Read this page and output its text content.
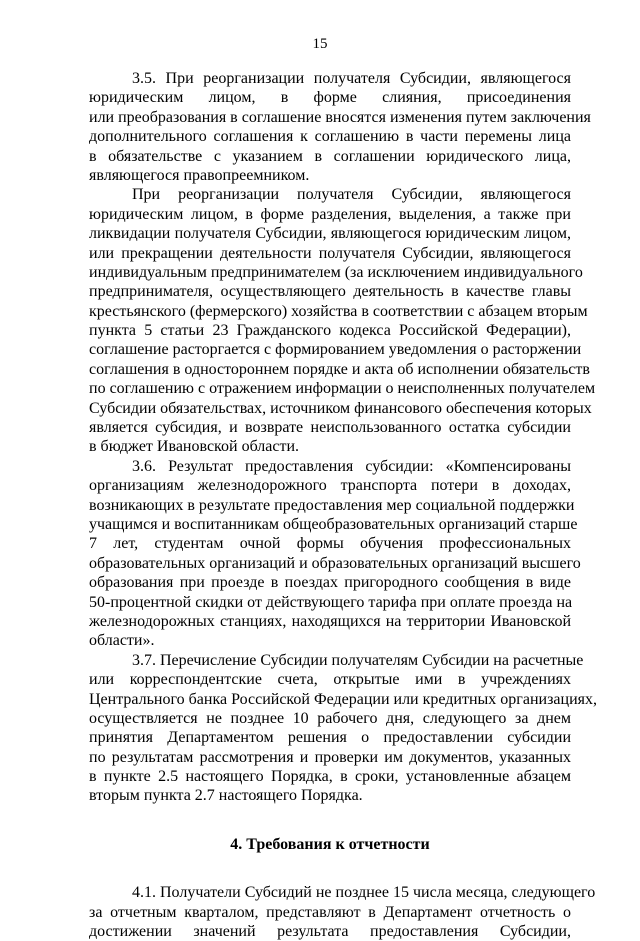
15
3.5. При реорганизации получателя Субсидии, являющегося
юридическим лицом, в форме слияния, присоединения
или преобразования в соглашение вносятся изменения путем заключения
дополнительного соглашения к соглашению в части перемены лица
в обязательстве с указанием в соглашении юридического лица,
являющегося правопреемником.
При реорганизации получателя Субсидии, являющегося
юридическим лицом, в форме разделения, выделения, а также при
ликвидации получателя Субсидии, являющегося юридическим лицом,
или прекращении деятельности получателя Субсидии, являющегося
индивидуальным предпринимателем (за исключением индивидуального
предпринимателя, осуществляющего деятельность в качестве главы
крестьянского (фермерского) хозяйства в соответствии с абзацем вторым
пункта 5 статьи 23 Гражданского кодекса Российской Федерации),
соглашение расторгается с формированием уведомления о расторжении
соглашения в одностороннем порядке и акта об исполнении обязательств
по соглашению с отражением информации о неисполненных получателем
Субсидии обязательствах, источником финансового обеспечения которых
является субсидия, и возврате неиспользованного остатка субсидии
в бюджет Ивановской области.
3.6. Результат предоставления субсидии: «Компенсированы
организациям железнодорожного транспорта потери в доходах,
возникающих в результате предоставления мер социальной поддержки
учащимся и воспитанникам общеобразовательных организаций старше
7 лет, студентам очной формы обучения профессиональных
образовательных организаций и образовательных организаций высшего
образования при проезде в поездах пригородного сообщения в виде
50-процентной скидки от действующего тарифа при оплате проезда на
железнодорожных станциях, находящихся на территории Ивановской
области».
3.7. Перечисление Субсидии получателям Субсидии на расчетные
или корреспондентские счета, открытые ими в учреждениях
Центрального банка Российской Федерации или кредитных организациях,
осуществляется не позднее 10 рабочего дня, следующего за днем
принятия Департаментом решения о предоставлении субсидии
по результатам рассмотрения и проверки им документов, указанных
в пункте 2.5 настоящего Порядка, в сроки, установленные абзацем
вторым пункта 2.7 настоящего Порядка.

4. Требования к отчетности

4.1. Получатели Субсидий не позднее 15 числа месяца, следующего
за отчетным кварталом, представляют в Департамент отчетность о
достижении значений результата предоставления Субсидии,
